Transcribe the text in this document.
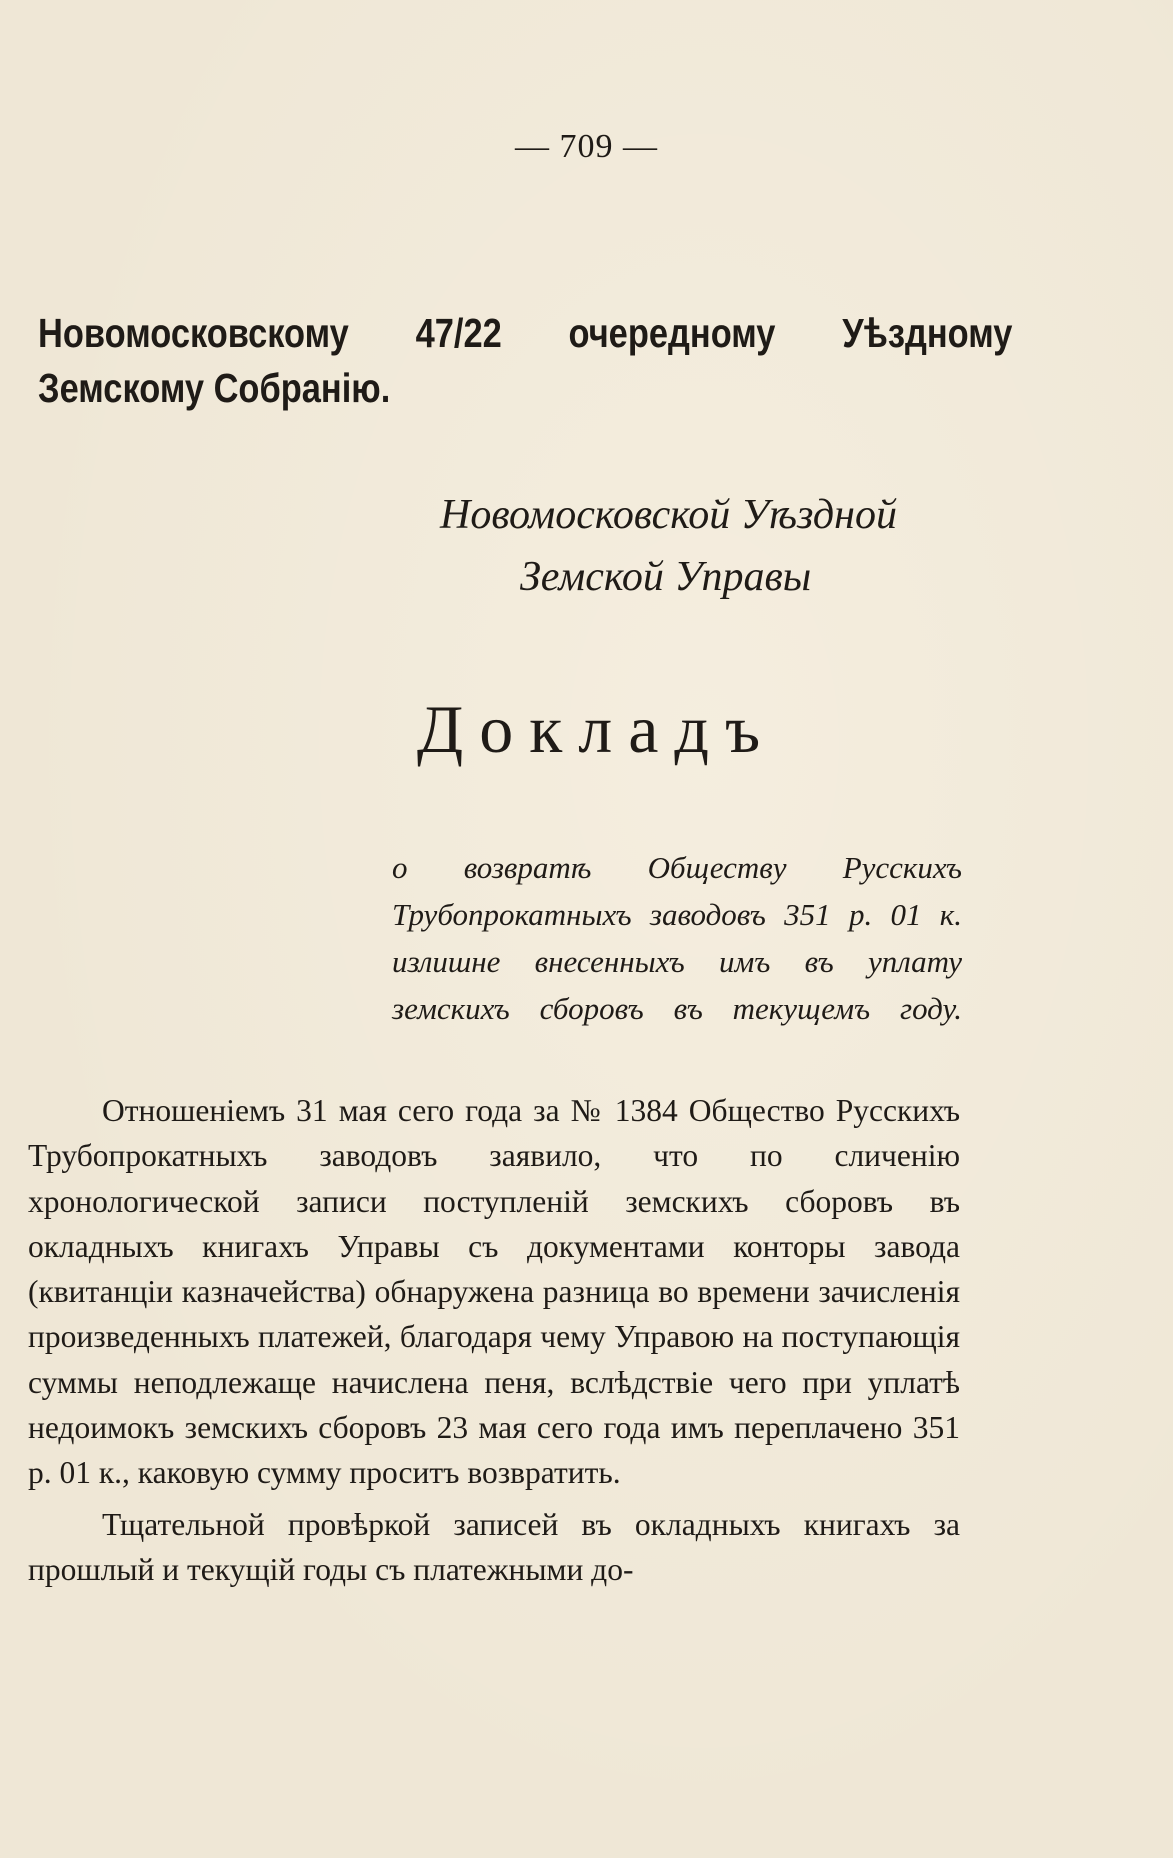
— 709 —
Новомосковскому 47/22 очередному Уѣздному
Земскому Собранію.
Новомосковской Уѣздной
Земской Управы
Докладъ
о возвратѣ Обществу Русскихъ Трубопрокатныхъ заводовъ 351 р. 01 к. излишне внесенныхъ имъ въ уплату земскихъ сборовъ въ текущемъ году.

Отношеніемъ 31 мая сего года за № 1384 Общество Русскихъ Трубопрокатныхъ заводовъ заявило, что по сличенію хронологической записи поступленій земскихъ сборовъ въ окладныхъ книгахъ Управы съ документами конторы завода (квитанціи казначейства) обнаружена разница во времени зачисленія произведенныхъ платежей, благодаря чему Управою на поступающія суммы неподлежаще начислена пеня, вслѣдствіе чего при уплатѣ недоимокъ земскихъ сборовъ 23 мая сего года имъ переплачено 351 р. 01 к., каковую сумму проситъ возвратить.

Тщательной провѣркой записей въ окладныхъ книгахъ за прошлый и текущій годы съ платежными до-
